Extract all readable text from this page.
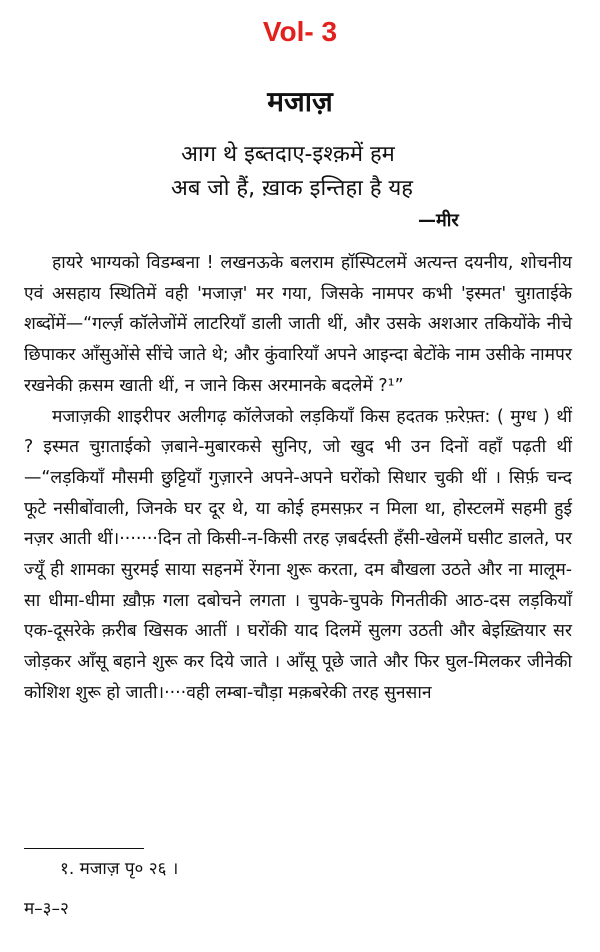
Vol- 3
मजाज़
आग थे इब्तदाए-इश्क़में हम
अब जो हैं, ख़ाक इन्तिहा है यह
—मीर

हायरे भाग्यको विडम्बना ! लखनऊके बलराम हॉस्पिटलमें अत्यन्त दयनीय, शोचनीय एवं असहाय स्थितिमें वही 'मजाज़' मर गया, जिसके नामपर कभी 'इस्मत' चुग़ताईके शब्दोंमें—“गर्ल्ज़ कॉलेजोंमें लाटरियाँ डाली जाती थीं, और उसके अशआर तकियोंके नीचे छिपाकर आँसुओंसे सींचे जाते थे; और कुंवारियाँ अपने आइन्दा बेटोंके नाम उसीके नामपर रखनेकी क़सम खाती थीं, न जाने किस अरमानके बदलेमें ?¹”

मजाज़की शाइरीपर अलीगढ़ कॉलेजको लड़कियाँ किस हदतक फ़रेफ़्त: ( मुग्ध ) थीं ? इस्मत चुग़ताईको ज़बाने-मुबारकसे सुनिए, जो खुद भी उन दिनों वहाँ पढ़ती थीं—“लड़कियाँ मौसमी छुट्टियाँ गुज़ारने अपने-अपने घरोंको सिधार चुकी थीं । सिर्फ़ चन्द फूटे नसीबोंवाली, जिनके घर दूर थे, या कोई हमसफ़र न मिला था, होस्टलमें सहमी हुई नज़र आती थीं।·······दिन तो किसी-न-किसी तरह ज़बर्दस्ती हँसी-खेलमें घसीट डालते, पर ज्यूँ ही शामका सुरमई साया सहनमें रेंगना शुरू करता, दम बौखला उठते और ना मालूम-सा धीमा-धीमा ख़ौफ़ गला दबोचने लगता । चुपके-चुपके गिनतीकी आठ-दस लड़कियाँ एक-दूसरेके क़रीब खिसक आतीं । घरोंकी याद दिलमें सुलग उठती और बेइख़्तियार सर जोड़कर आँसू बहाने शुरू कर दिये जाते । आँसू पूछे जाते और फिर घुल-मिलकर जीनेकी कोशिश शुरू हो जाती।····वही लम्बा-चौड़ा मक़बरेकी तरह सुनसान

१. मजाज़ पृ० २६ ।
म–३–२
